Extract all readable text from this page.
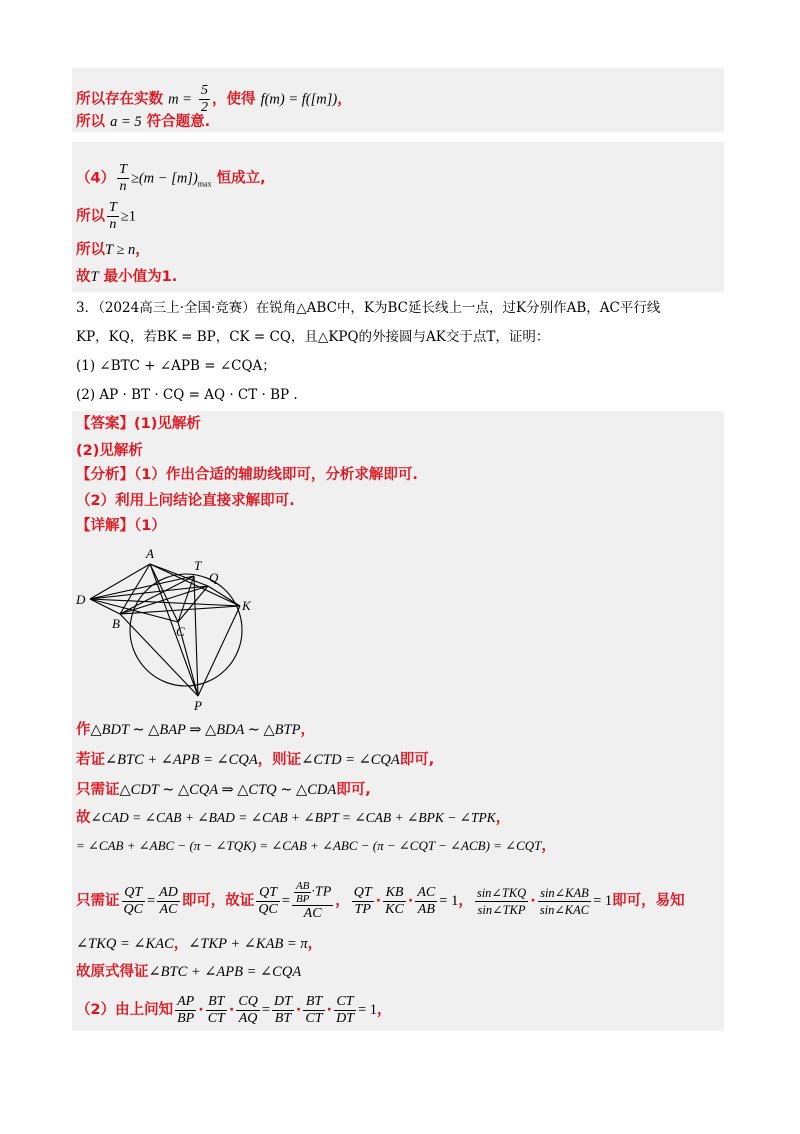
所以存在实数 $m = \frac{5}{2}$ ，使得 f(m) = f([m])，
所以 a = 5 符合题意.
$(4) \frac{T}{n} \ge(m - [m])_{max}$ 恒成立,
所以 $\frac{T}{n} \ge 1$
所以T ≥ n，
故T 最小值为1.
3．（2024高三上·全国·竞赛）在锐角△ABC中，K为BC延长线上一点，过K分别作AB，AC平行线
KP，KQ，若BK = BP，CK = CQ，且△KPQ的外接圆与AK交于点T，证明：
(1) ∠BTC + ∠APB = ∠CQA；
(2) AP · BT · CQ = AQ · CT · BP .
【答案】(1)见解析
(2)见解析
【分析】（1）作出合适的辅助线即可，分析求解即可.
（2）利用上问结论直接求解即可.
【详解】（1）
A
T
Q
D
B
C
K
P
作△BDT ∼ △BAP ⇒ △BDA ∼ △BTP，
若证∠BTC + ∠APB = ∠CQA，则证∠CTD = ∠CQA即可,
只需证△CDT ∼ △CQA ⇒ △CTQ ∼ △CDA即可,
故∠CAD = ∠CAB + ∠BAD = ∠CAB + ∠BPT = ∠CAB + ∠BPK − ∠TPK，
= ∠CAB + ∠ABC − (π − ∠TQK) = ∠CAB + ∠ABC − (π − ∠CQT − ∠ACB) = ∠CQT，
只需证 $\frac{QT}{QC} = \frac{AD}{AC}$ 即可，故证 $\frac{QT}{QC} = \frac{\frac{AB}{BP} \cdot TP}{AC}$ ， $\frac{QT}{TP} \cdot \frac{KB}{KC} \cdot \frac{AC}{AB} = 1$， $\frac{\text{sin∠TKQ}}{\text{sin∠TKP}} \cdot \frac{\text{sin∠KAB}}{\text{sin∠KAC}} = 1$即可，易知
∠TKQ = ∠KAC，∠TKP + ∠KAB = π，
故原式得证∠BTC + ∠APB = ∠CQA
（2）由上问知 $\frac{AP}{BP} \cdot \frac{BT}{CT} \cdot \frac{CQ}{AQ} = \frac{DT}{BT} \cdot \frac{BT}{CT} \cdot \frac{CT}{DT} = 1$，
